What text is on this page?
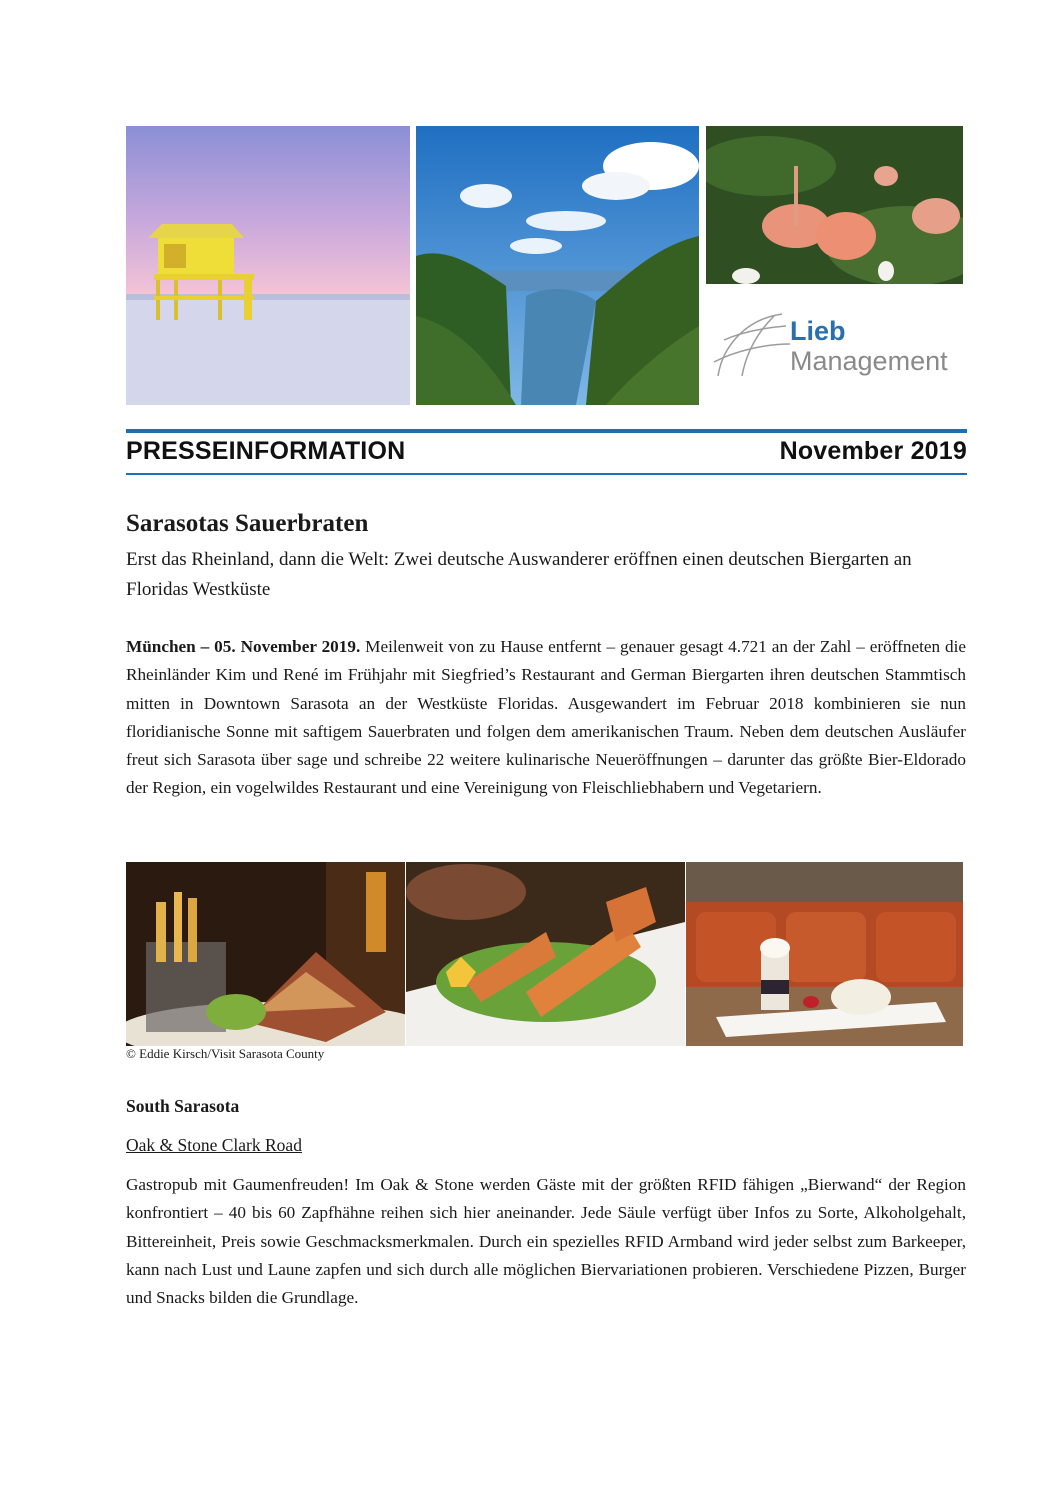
Lieb
Management
PRESSEINFORMATION	November 2019
Sarasotas Sauerbraten
Erst das Rheinland, dann die Welt: Zwei deutsche Auswanderer eröffnen einen deutschen Biergarten an Floridas Westküste
München – 05. November 2019. Meilenweit von zu Hause entfernt – genauer gesagt 4.721 an der Zahl – eröffneten die Rheinländer Kim und René im Frühjahr mit Siegfried’s Restaurant and German Biergarten ihren deutschen Stammtisch mitten in Downtown Sarasota an der Westküste Floridas. Ausgewandert im Februar 2018 kombinieren sie nun floridianische Sonne mit saftigem Sauerbraten und folgen dem amerikanischen Traum. Neben dem deutschen Ausläufer freut sich Sarasota über sage und schreibe 22 weitere kulinarische Neueröffnungen – darunter das größte Bier-Eldorado der Region, ein vogelwildes Restaurant und eine Vereinigung von Fleischliebhabern und Vegetariern.
© Eddie Kirsch/Visit Sarasota County
South Sarasota
Oak & Stone Clark Road
Gastropub mit Gaumenfreuden! Im Oak & Stone werden Gäste mit der größten RFID fähigen „Bierwand“ der Region konfrontiert – 40 bis 60 Zapfhähne reihen sich hier aneinander. Jede Säule verfügt über Infos zu Sorte, Alkoholgehalt, Bittereinheit, Preis sowie Geschmacksmerkmalen. Durch ein spezielles RFID Armband wird jeder selbst zum Barkeeper, kann nach Lust und Laune zapfen und sich durch alle möglichen Biervariationen probieren. Verschiedene Pizzen, Burger und Snacks bilden die Grundlage.
